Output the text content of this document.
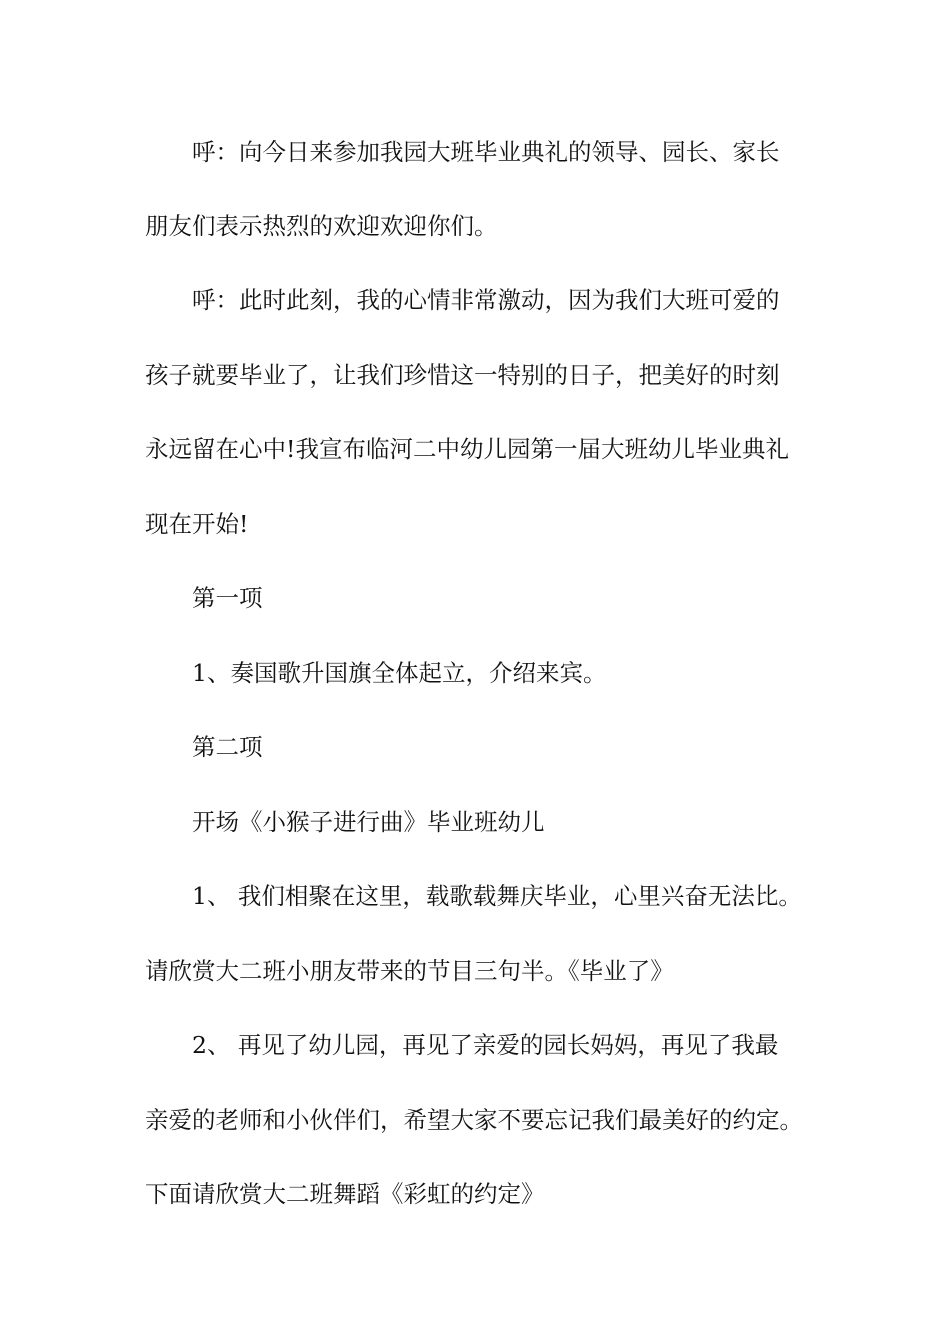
呼：向今日来参加我园大班毕业典礼的领导、园长、家长
朋友们表示热烈的欢迎欢迎你们。
呼：此时此刻，我的心情非常激动，因为我们大班可爱的
孩子就要毕业了，让我们珍惜这一特别的日子，把美好的时刻
永远留在心中!我宣布临河二中幼儿园第一届大班幼儿毕业典礼
现在开始!
第一项
1、奏国歌升国旗全体起立，介绍来宾。
第二项
开场《小猴子进行曲》毕业班幼儿
1、 我们相聚在这里，载歌载舞庆毕业，心里兴奋无法比。
请欣赏大二班小朋友带来的节目三句半。《毕业了》
2、 再见了幼儿园，再见了亲爱的园长妈妈，再见了我最
亲爱的老师和小伙伴们，希望大家不要忘记我们最美好的约定。
下面请欣赏大二班舞蹈《彩虹的约定》
